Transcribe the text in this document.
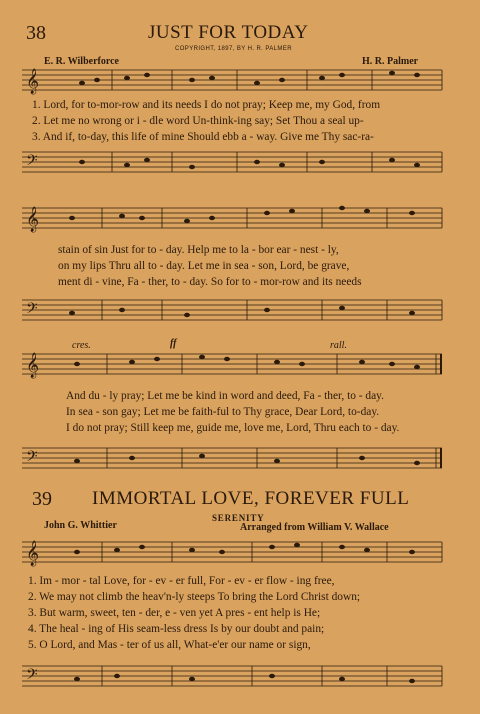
38	JUST FOR TODAY
COPYRIGHT, 1897, BY H. R. PALMER
E. R. Wilberforce	H. R. Palmer
𝄞
𝄢
1. Lord, for to-mor-row and its needs I do not pray; Keep me, my God, from
2. Let me no wrong or i - dle word Un-think-ing say; Set Thou a seal up-
3. And if, to-day, this life of mine Should ebb a - way. Give me Thy sac-ra-
𝄞
stain of sin Just for to - day. Help me to la - bor ear - nest - ly,
on my lips Thru all to - day. Let me in sea - son, Lord, be grave,
ment di - vine, Fa - ther, to - day. So for to - mor-row and its needs
𝄢
cres.	ff	rall.
𝄞
And du - ly pray; Let me be kind in word and deed, Fa - ther, to - day.
In sea - son gay; Let me be faith-ful to Thy grace, Dear Lord, to-day.
I do not pray; Still keep me, guide me, love me, Lord, Thru each to - day.
𝄢
39 IMMORTAL LOVE, FOREVER FULL
SERENITY
John G. Whittier	Arranged from William V. Wallace
𝄞
1. Im - mor - tal Love, for - ev - er full, For - ev - er flow - ing free,
2. We may not climb the heav'n-ly steeps To bring the Lord Christ down;
3. But warm, sweet, ten - der, e - ven yet A pres - ent help is He;
4. The heal - ing of His seam-less dress Is by our doubt and pain;
5. O Lord, and Mas - ter of us all, What-e'er our name or sign,
𝄢
